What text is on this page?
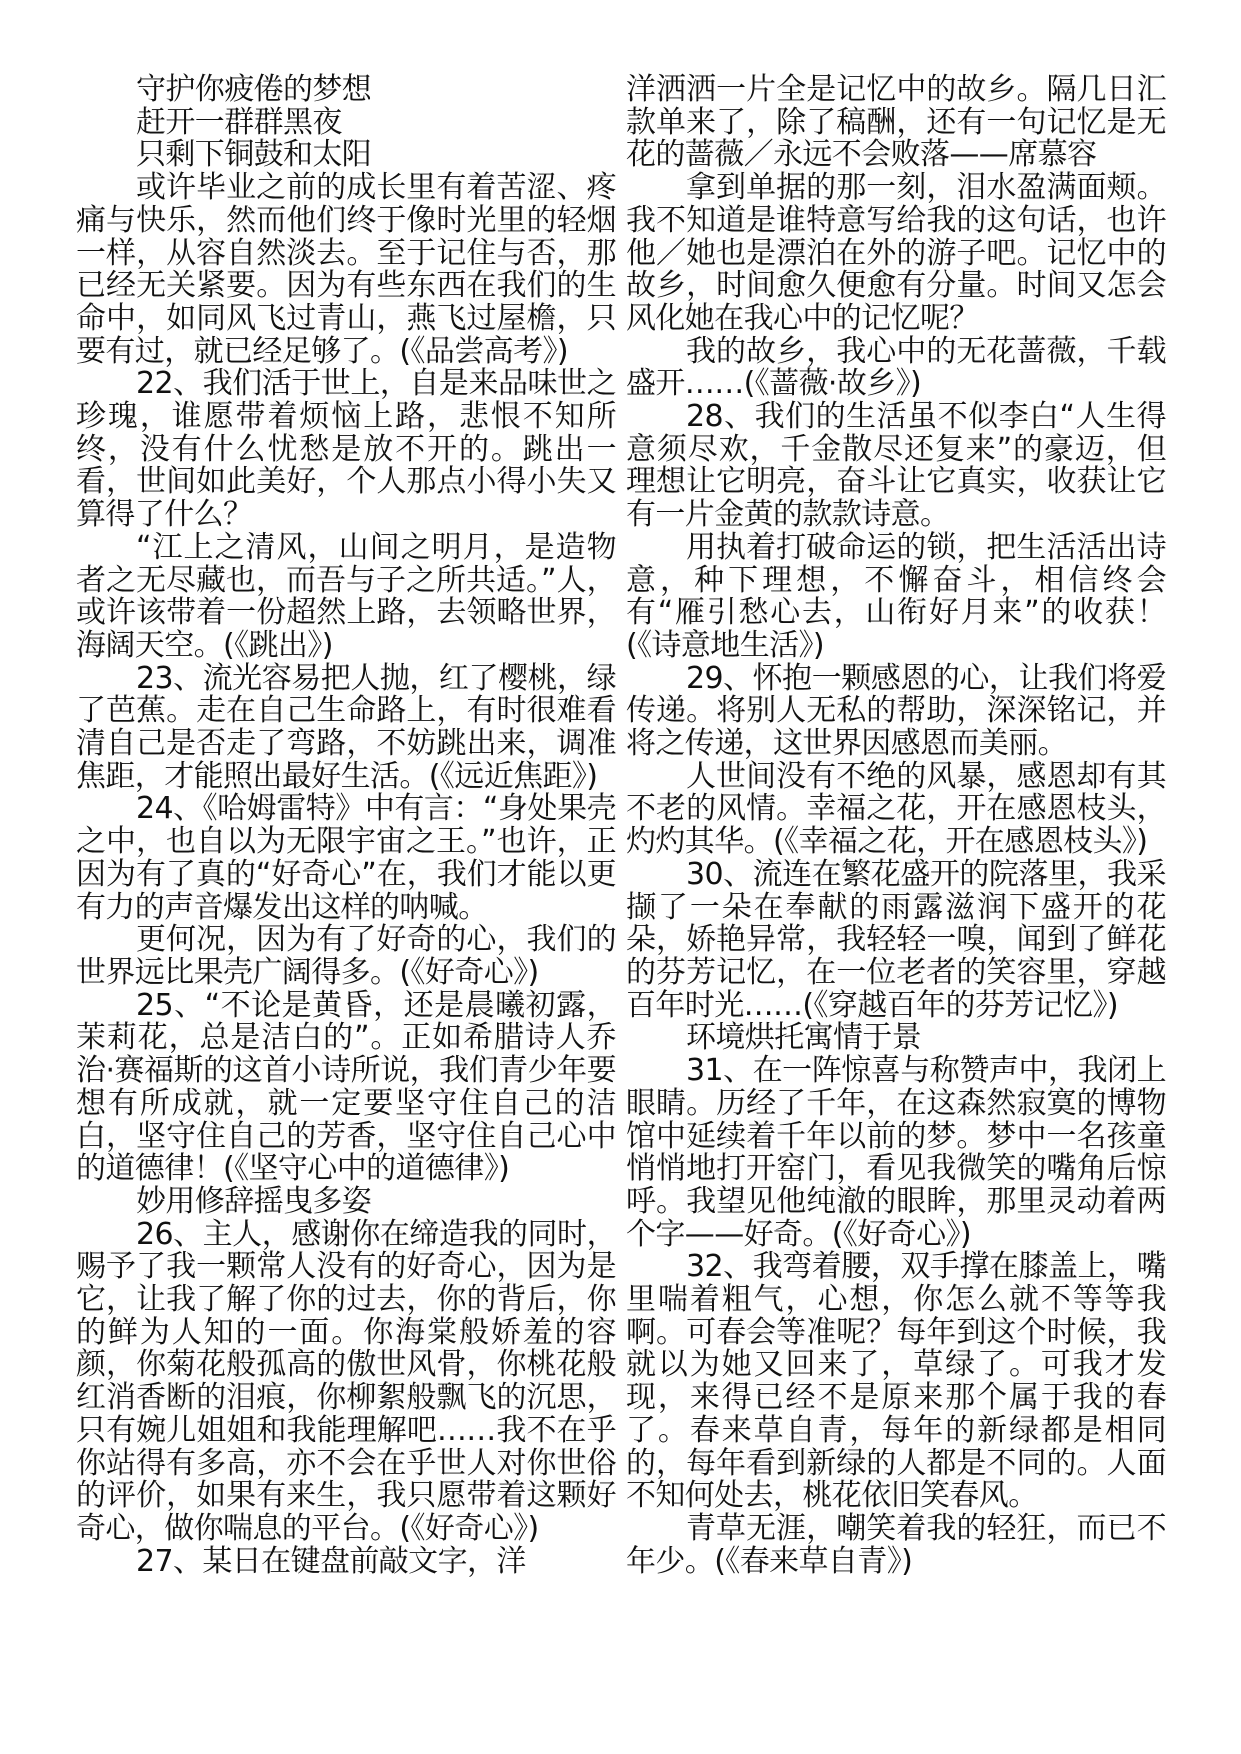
守护你疲倦的梦想

赶开一群群黑夜

只剩下铜鼓和太阳

或许毕业之前的成长里有着苦涩、疼痛与快乐，然而他们终于像时光里的轻烟一样，从容自然淡去。至于记住与否，那已经无关紧要。因为有些东西在我们的生命中，如同风飞过青山，燕飞过屋檐，只要有过，就已经足够了。(《品尝高考》)

22、我们活于世上，自是来品味世之珍瑰，谁愿带着烦恼上路，悲恨不知所终，没有什么忧愁是放不开的。跳出一看，世间如此美好，个人那点小得小失又算得了什么？

“江上之清风，山间之明月，是造物者之无尽藏也，而吾与子之所共适。”人，或许该带着一份超然上路，去领略世界，海阔天空。(《跳出》)

23、流光容易把人抛，红了樱桃，绿了芭蕉。走在自己生命路上，有时很难看清自己是否走了弯路，不妨跳出来，调准焦距，才能照出最好生活。(《远近焦距》)

24、《哈姆雷特》中有言：“身处果壳之中，也自以为无限宇宙之王。”也许，正因为有了真的“好奇心”在，我们才能以更有力的声音爆发出这样的呐喊。

更何况，因为有了好奇的心，我们的世界远比果壳广阔得多。(《好奇心》)

25、“不论是黄昏，还是晨曦初露，茉莉花，总是洁白的”。正如希腊诗人乔治·赛福斯的这首小诗所说，我们青少年要想有所成就，就一定要坚守住自己的洁白，坚守住自己的芳香，坚守住自己心中的道德律！(《坚守心中的道德律》)

妙用修辞摇曳多姿

26、主人，感谢你在缔造我的同时，赐予了我一颗常人没有的好奇心，因为是它，让我了解了你的过去，你的背后，你的鲜为人知的一面。你海棠般娇羞的容颜，你菊花般孤高的傲世风骨，你桃花般红消香断的泪痕，你柳絮般飘飞的沉思，只有婉儿姐姐和我能理解吧……我不在乎你站得有多高，亦不会在乎世人对你世俗的评价，如果有来生，我只愿带着这颗好奇心，做你喘息的平台。(《好奇心》)

27、某日在键盘前敲文字，洋

洋洒洒一片全是记忆中的故乡。隔几日汇款单来了，除了稿酬，还有一句记忆是无花的蔷薇／永远不会败落——席慕容

拿到单据的那一刻，泪水盈满面颊。我不知道是谁特意写给我的这句话，也许他／她也是漂泊在外的游子吧。记忆中的故乡，时间愈久便愈有分量。时间又怎会风化她在我心中的记忆呢？

我的故乡，我心中的无花蔷薇，千载盛开……(《蔷薇·故乡》)

28、我们的生活虽不似李白“人生得意须尽欢，千金散尽还复来”的豪迈，但理想让它明亮，奋斗让它真实，收获让它有一片金黄的款款诗意。

用执着打破命运的锁，把生活活出诗意，种下理想，不懈奋斗，相信终会有“雁引愁心去，山衔好月来”的收获！(《诗意地生活》)

29、怀抱一颗感恩的心，让我们将爱传递。将别人无私的帮助，深深铭记，并将之传递，这世界因感恩而美丽。

人世间没有不绝的风暴，感恩却有其不老的风情。幸福之花，开在感恩枝头，灼灼其华。(《幸福之花，开在感恩枝头》)

30、流连在繁花盛开的院落里，我采撷了一朵在奉献的雨露滋润下盛开的花朵，娇艳异常，我轻轻一嗅，闻到了鲜花的芬芳记忆，在一位老者的笑容里，穿越百年时光……(《穿越百年的芬芳记忆》)

环境烘托寓情于景

31、在一阵惊喜与称赞声中，我闭上眼睛。历经了千年，在这森然寂寞的博物馆中延续着千年以前的梦。梦中一名孩童悄悄地打开窑门，看见我微笑的嘴角后惊呼。我望见他纯澈的眼眸，那里灵动着两个字——好奇。(《好奇心》)

32、我弯着腰，双手撑在膝盖上，嘴里喘着粗气，心想，你怎么就不等等我啊。可春会等准呢？每年到这个时候，我就以为她又回来了，草绿了。可我才发现，来得已经不是原来那个属于我的春了。春来草自青，每年的新绿都是相同的，每年看到新绿的人都是不同的。人面不知何处去，桃花依旧笑春风。

青草无涯，嘲笑着我的轻狂，而已不年少。(《春来草自青》)
